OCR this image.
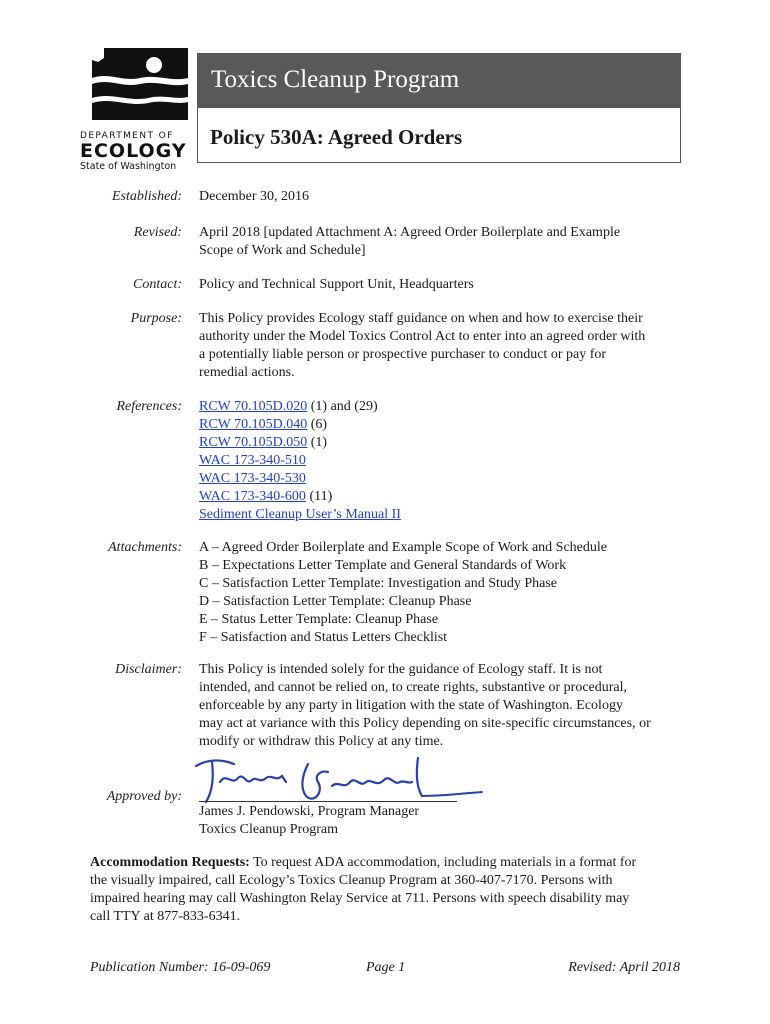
DEPARTMENT OF
ECOLOGY
State of Washington
Toxics Cleanup Program
Policy 530A: Agreed Orders
Established: December 30, 2016
Revised: April 2018 [updated Attachment A: Agreed Order Boilerplate and Example
Scope of Work and Schedule]
Contact: Policy and Technical Support Unit, Headquarters
Purpose: This Policy provides Ecology staff guidance on when and how to exercise their
authority under the Model Toxics Control Act to enter into an agreed order with
a potentially liable person or prospective purchaser to conduct or pay for
remedial actions.
References: RCW 70.105D.020 (1) and (29)
RCW 70.105D.040 (6)
RCW 70.105D.050 (1)
WAC 173-340-510
WAC 173-340-530
WAC 173-340-600 (11)
Sediment Cleanup User’s Manual II
Attachments: A – Agreed Order Boilerplate and Example Scope of Work and Schedule
B – Expectations Letter Template and General Standards of Work
C – Satisfaction Letter Template: Investigation and Study Phase
D – Satisfaction Letter Template: Cleanup Phase
E – Status Letter Template: Cleanup Phase
F – Satisfaction and Status Letters Checklist
Disclaimer: This Policy is intended solely for the guidance of Ecology staff. It is not
intended, and cannot be relied on, to create rights, substantive or procedural,
enforceable by any party in litigation with the state of Washington. Ecology
may act at variance with this Policy depending on site-specific circumstances, or
modify or withdraw this Policy at any time.
Approved by:
James J. Pendowski, Program Manager
Toxics Cleanup Program
Accommodation Requests: To request ADA accommodation, including materials in a format for
the visually impaired, call Ecology’s Toxics Cleanup Program at 360-407-7170. Persons with
impaired hearing may call Washington Relay Service at 711. Persons with speech disability may
call TTY at 877-833-6341.
Publication Number: 16-09-069	Page 1	Revised: April 2018
